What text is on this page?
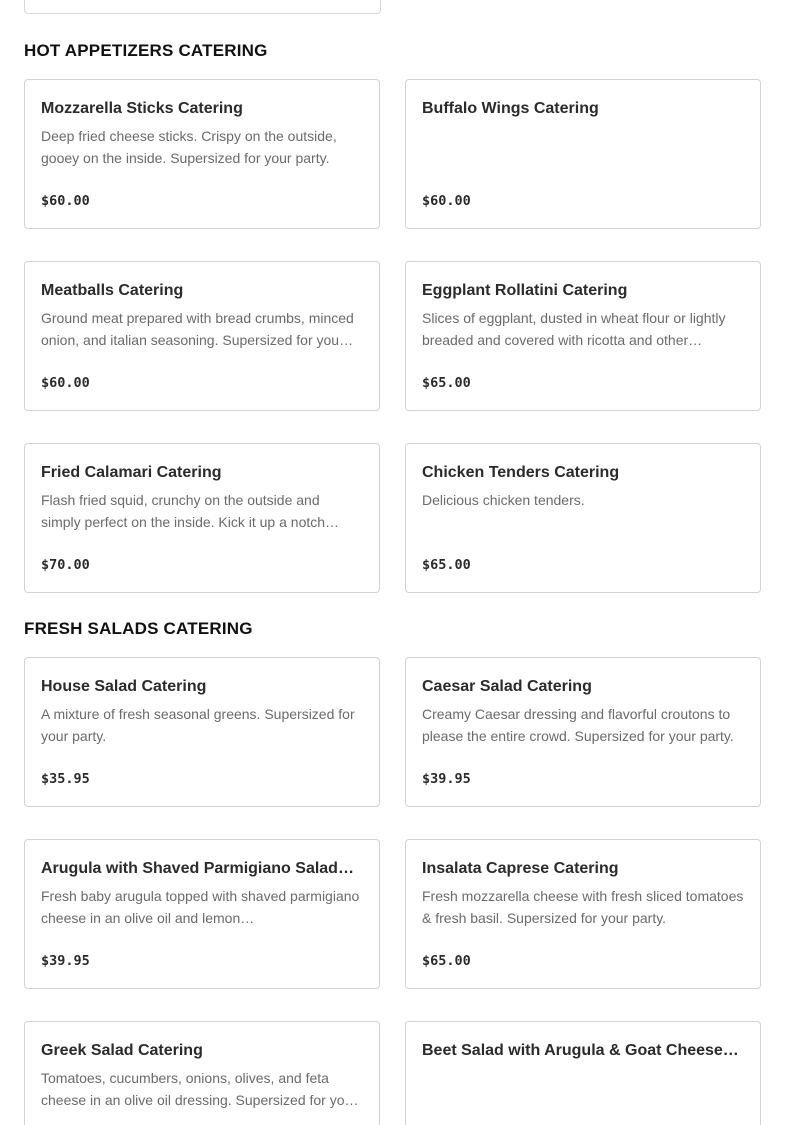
HOT APPETIZERS CATERING
Mozzarella Sticks Catering
Deep fried cheese sticks. Crispy on the outside, gooey on the inside. Supersized for your party.
$60.00
Buffalo Wings Catering
$60.00
Meatballs Catering
Ground meat prepared with bread crumbs, minced onion, and italian seasoning. Supersized for you…
$60.00
Eggplant Rollatini Catering
Slices of eggplant, dusted in wheat flour or lightly breaded and covered with ricotta and other…
$65.00
Fried Calamari Catering
Flash fried squid, crunchy on the outside and simply perfect on the inside. Kick it up a notch…
$70.00
Chicken Tenders Catering
Delicious chicken tenders.
$65.00
FRESH SALADS CATERING
House Salad Catering
A mixture of fresh seasonal greens. Supersized for your party.
$35.95
Caesar Salad Catering
Creamy Caesar dressing and flavorful croutons to please the entire crowd. Supersized for your party.
$39.95
Arugula with Shaved Parmigiano Salad…
Fresh baby arugula topped with shaved parmigiano cheese in an olive oil and lemon…
$39.95
Insalata Caprese Catering
Fresh mozzarella cheese with fresh sliced tomatoes & fresh basil. Supersized for your party.
$65.00
Greek Salad Catering
Tomatoes, cucumbers, onions, olives, and feta cheese in an olive oil dressing. Supersized for yo…
Beet Salad with Arugula & Goat Cheese…
